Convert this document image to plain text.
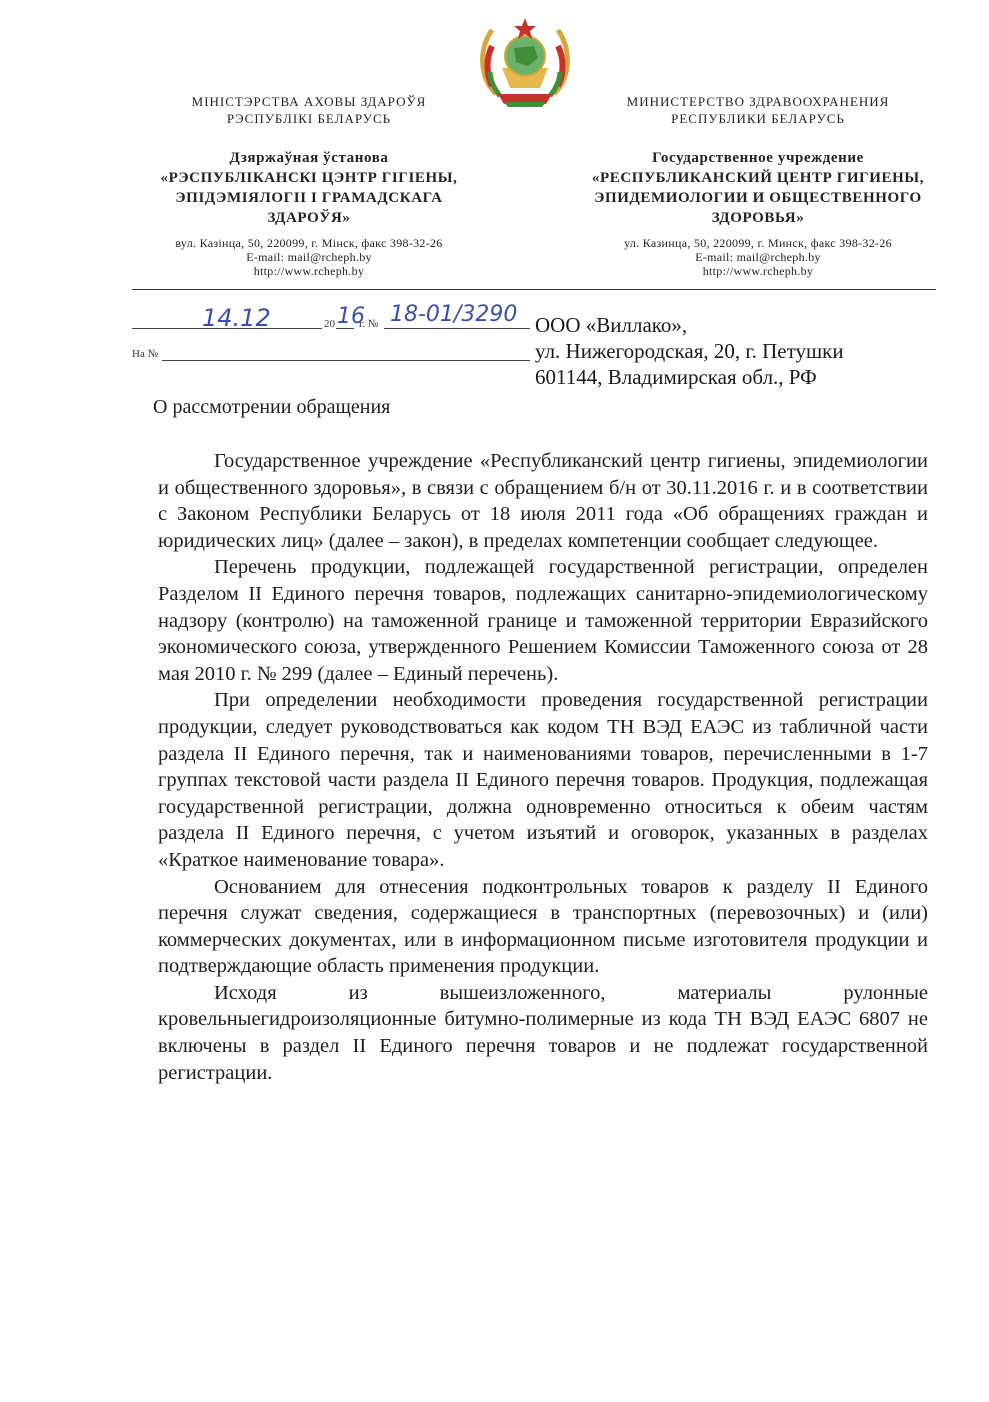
МІНІСТЭРСТВА АХОВЫ ЗДАРОЎЯ
РЭСПУБЛІКІ БЕЛАРУСЬ
Дзяржаўная ўстанова
«РЭСПУБЛІКАНСКІ ЦЭНТР ГІГІЕНЫ,
ЭПІДЭМІЯЛОГІІ І ГРАМАДСКАГА
ЗДАРОЎЯ»
вул. Казінца, 50, 220099, г. Мінск, факс 398-32-26
E-mail: mail@rcheph.by
http://www.rcheph.by
МИНИСТЕРСТВО ЗДРАВООХРАНЕНИЯ
РЕСПУБЛИКИ БЕЛАРУСЬ
Государственное учреждение
«РЕСПУБЛИКАНСКИЙ ЦЕНТР ГИГИЕНЫ,
ЭПИДЕМИОЛОГИИ И ОБЩЕСТВЕННОГО
ЗДОРОВЬЯ»
ул. Казинца, 50, 220099, г. Минск, факс 398-32-26
E-mail: mail@rcheph.by
http://www.rcheph.by
14.12	20 16
г. № 18-01/3290
На №
ООО «Виллако»,
ул. Нижегородская, 20, г. Петушки
601144, Владимирская обл., РФ
О рассмотрении обращения

Государственное учреждение «Республиканский центр гигиены, эпидемиологии и общественного здоровья», в связи с обращением б/н от 30.11.2016 г. и в соответствии с Законом Республики Беларусь от 18 июля 2011 года «Об обращениях граждан и юридических лиц» (далее – закон), в пределах компетенции сообщает следующее.

Перечень продукции, подлежащей государственной регистрации, определен Разделом II Единого перечня товаров, подлежащих санитарно-эпидемиологическому надзору (контролю) на таможенной границе и таможенной территории Евразийского экономического союза, утвержденного Решением Комиссии Таможенного союза от 28 мая 2010 г. № 299 (далее – Единый перечень).

При определении необходимости проведения государственной регистрации продукции, следует руководствоваться как кодом ТН ВЭД ЕАЭС из табличной части раздела II Единого перечня, так и наименованиями товаров, перечисленными в 1-7 группах текстовой части раздела II Единого перечня товаров. Продукция, подлежащая государственной регистрации, должна одновременно относиться к обеим частям раздела II Единого перечня, с учетом изъятий и оговорок, указанных в разделах «Краткое наименование товара».

Основанием для отнесения подконтрольных товаров к разделу II Единого перечня служат сведения, содержащиеся в транспортных (перевозочных) и (или) коммерческих документах, или в информационном письме изготовителя продукции и подтверждающие область применения продукции.

Исходя из вышеизложенного, материалы рулонные кровельныегидроизоляционные битумно-полимерные из кода ТН ВЭД ЕАЭС 6807 не включены в раздел II Единого перечня товаров и не подлежат государственной регистрации.
